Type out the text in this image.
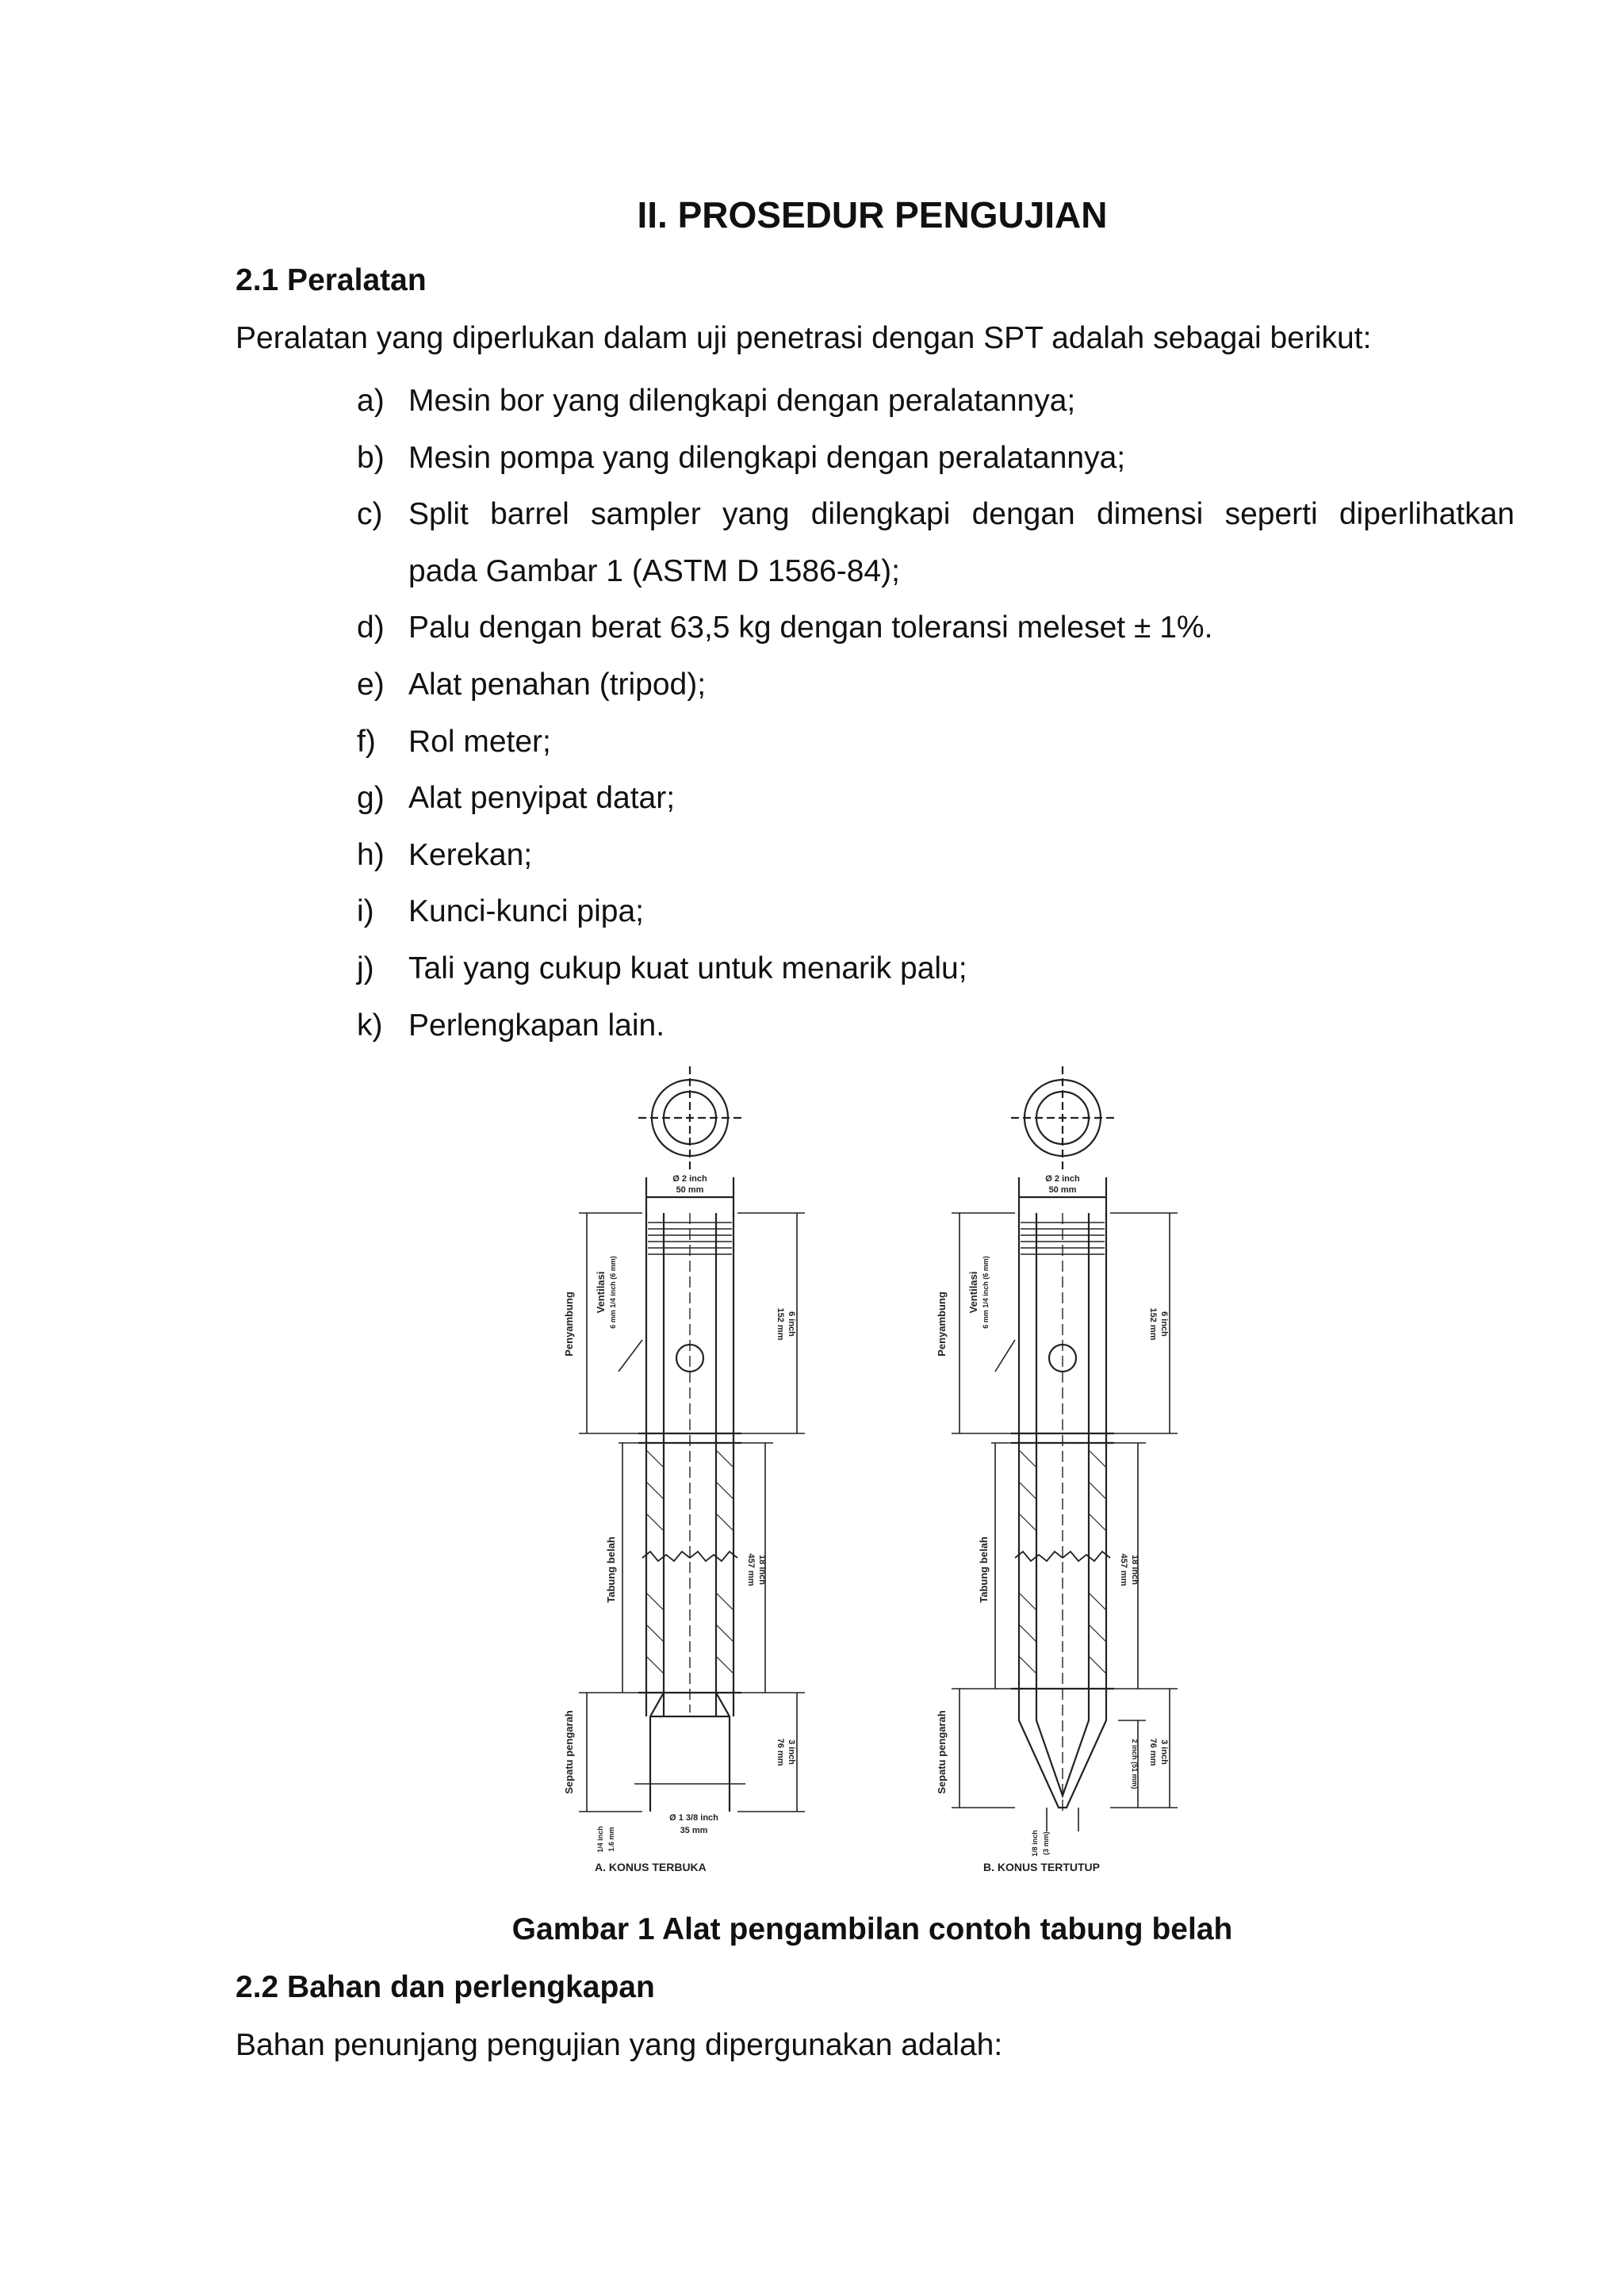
II. PROSEDUR PENGUJIAN
2.1 Peralatan

Peralatan yang diperlukan dalam uji penetrasi dengan SPT adalah sebagai berikut:

a) Mesin bor yang dilengkapi dengan peralatannya;
b) Mesin pompa yang dilengkapi dengan peralatannya;
c) Split barrel sampler yang dilengkapi dengan dimensi seperti diperlihatkan
pada Gambar 1 (ASTM D 1586-84);
d) Palu dengan berat 63,5 kg dengan toleransi meleset ± 1%.
e) Alat penahan (tripod);
f) Rol meter;
g) Alat penyipat datar;
h) Kerekan;
i) Kunci-kunci pipa;
j) Tali yang cukup kuat untuk menarik palu;
k) Perlengkapan lain.
Ø 2 inch
50 mm
Penyambung Ventilasi 6 mm 1/4 inch (6 mm)	6 inch
152 mm
Tabung belah	18 inch
457 mm
Sepatu pengarah	3 inch
76 mm
1/4 inch 1.6 mm
Ø 1 3/8 inch
35 mm
A. KONUS TERBUKA
Ø 2 inch
50 mm
Penyambung Ventilasi 6 mm 1/4 inch (6 mm)	6 inch
152 mm
Tabung belah	18 inch
457 mm
Sepatu pengarah	3 inch
76 mm
2 inch (51 mm)
1/8 inch (3 mm)
B. KONUS TERTUTUP

Gambar 1 Alat pengambilan contoh tabung belah

2.2 Bahan dan perlengkapan

Bahan penunjang pengujian yang dipergunakan adalah:
